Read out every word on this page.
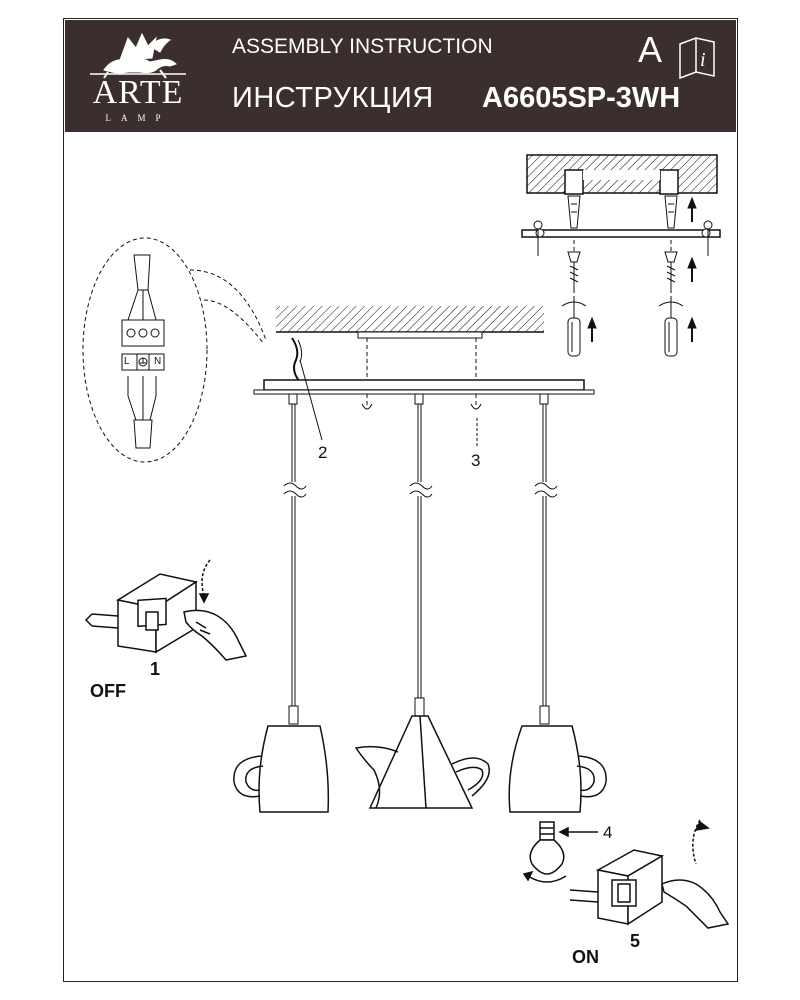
i
ARTE
LAMP
ASSEMBLY INSTRUCTION
ИНСТРУКЦИЯ A6605SP-3WH
A
L N
2	3
1
OFF
4
5
ON
